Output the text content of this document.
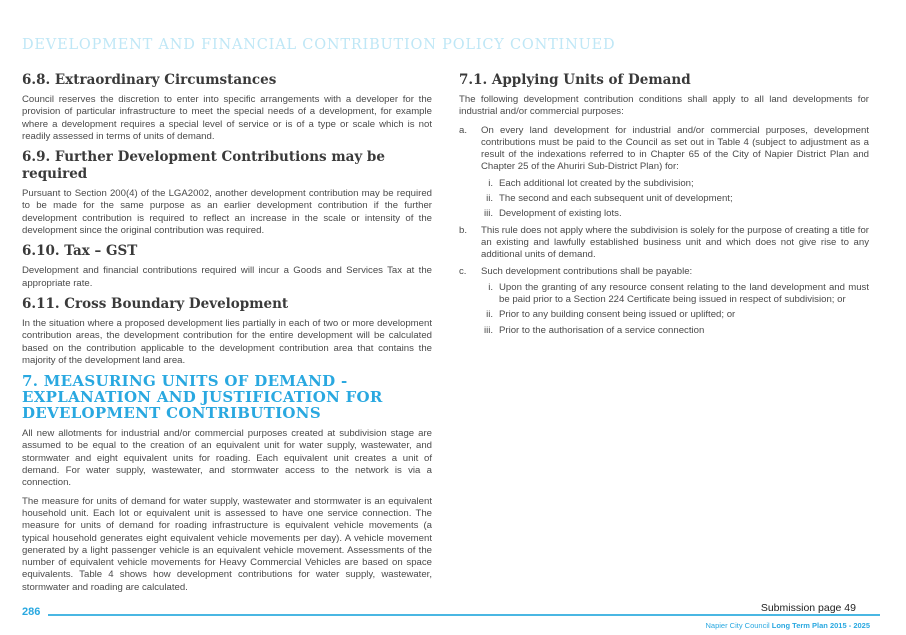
DEVELOPMENT AND FINANCIAL CONTRIBUTION POLICY CONTINUED
6.8. Extraordinary Circumstances

Council reserves the discretion to enter into specific arrangements with a developer for the provision of particular infrastructure to meet the special needs of a development, for example where a development requires a special level of service or is of a type or scale which is not readily assessed in terms of units of demand.

6.9. Further Development Contributions may be required

Pursuant to Section 200(4) of the LGA2002, another development contribution may be required to be made for the same purpose as an earlier development contribution if the further development contribution is required to reflect an increase in the scale or intensity of the development since the original contribution was required.

6.10. Tax – GST

Development and financial contributions required will incur a Goods and Services Tax at the appropriate rate.

6.11. Cross Boundary Development

In the situation where a proposed development lies partially in each of two or more development contribution areas, the development contribution for the entire development will be calculated based on the contribution applicable to the development contribution area that contains the majority of the development land area.

7. MEASURING UNITS OF DEMAND - EXPLANATION AND JUSTIFICATION FOR DEVELOPMENT CONTRIBUTIONS

All new allotments for industrial and/or commercial purposes created at subdivision stage are assumed to be equal to the creation of an equivalent unit for water supply, wastewater, and stormwater and eight equivalent units for roading. Each equivalent unit creates a unit of demand. For water supply, wastewater, and stormwater access to the network is via a connection.

The measure for units of demand for water supply, wastewater and stormwater is an equivalent household unit. Each lot or equivalent unit is assessed to have one service connection. The measure for units of demand for roading infrastructure is equivalent vehicle movements (a typical household generates eight equivalent vehicle movements per day). A vehicle movement generated by a light passenger vehicle is an equivalent vehicle movement. Assessments of the number of equivalent vehicle movements for Heavy Commercial Vehicles are based on space equivalents. Table 4 shows how development contributions for water supply, wastewater, stormwater and roading are calculated.

7.1. Applying Units of Demand

The following development contribution conditions shall apply to all land developments for industrial and/or commercial purposes:

a.	On every land development for industrial and/or commercial purposes, development contributions must be paid to the Council as set out in Table 4 (subject to adjustment as a result of the indexations referred to in Chapter 65 of the City of Napier District Plan and Chapter 25 of the Ahuriri Sub-District Plan) for:
i. Each additional lot created by the subdivision;
ii. The second and each subsequent unit of development;
iii. Development of existing lots.
b.	This rule does not apply where the subdivision is solely for the purpose of creating a title for an existing and lawfully established business unit and which does not give rise to any additional units of demand.
c.	Such development contributions shall be payable:
i. Upon the granting of any resource consent relating to the land development and must be paid prior to a Section 224 Certificate being issued in respect of subdivision; or
ii. Prior to any building consent being issued or uplifted; or
iii. Prior to the authorisation of a service connection
286	Submission page 49
Napier City Council Long Term Plan 2015 - 2025
